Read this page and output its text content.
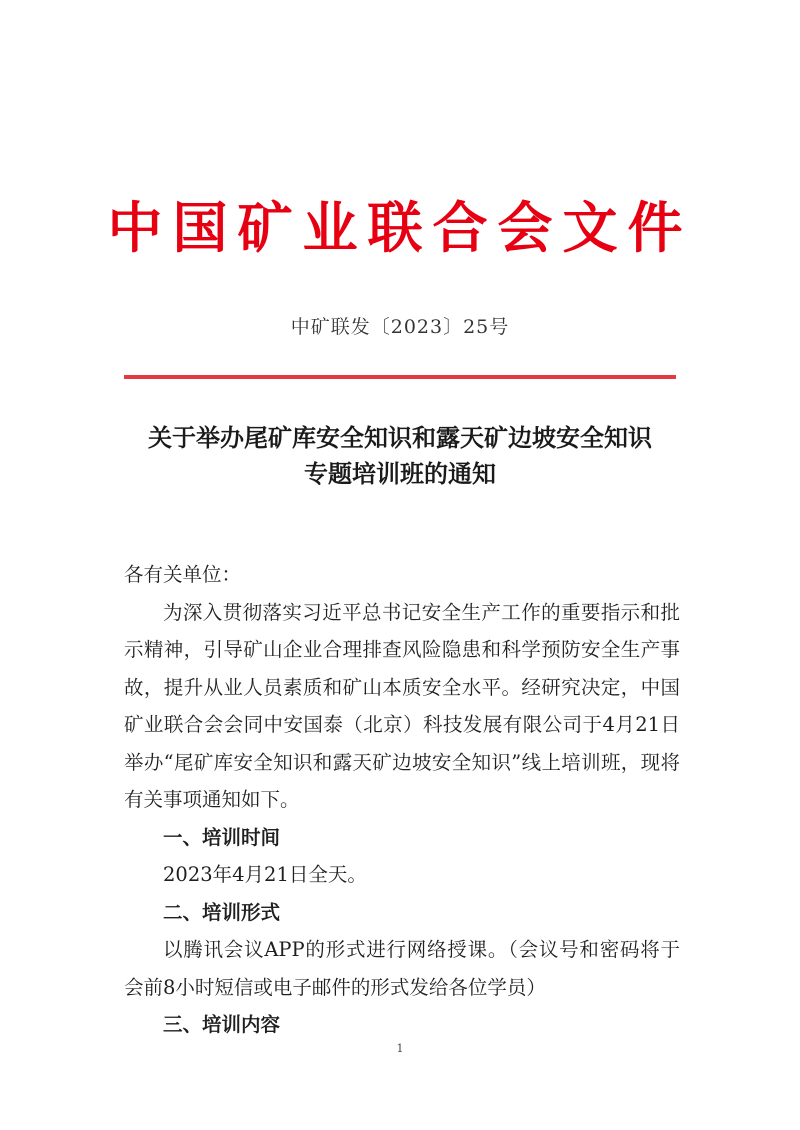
中国矿业联合会文件
中矿联发〔2023〕25号
关于举办尾矿库安全知识和露天矿边坡安全知识
专题培训班的通知

各有关单位：

为深入贯彻落实习近平总书记安全生产工作的重要指示和批示精神，引导矿山企业合理排查风险隐患和科学预防安全生产事故，提升从业人员素质和矿山本质安全水平。经研究决定，中国矿业联合会会同中安国泰（北京）科技发展有限公司于4月21日举办“尾矿库安全知识和露天矿边坡安全知识”线上培训班，现将有关事项通知如下。

一、培训时间

2023年4月21日全天。

二、培训形式

以腾讯会议APP的形式进行网络授课。（会议号和密码将于会前8小时短信或电子邮件的形式发给各位学员）

三、培训内容

1
